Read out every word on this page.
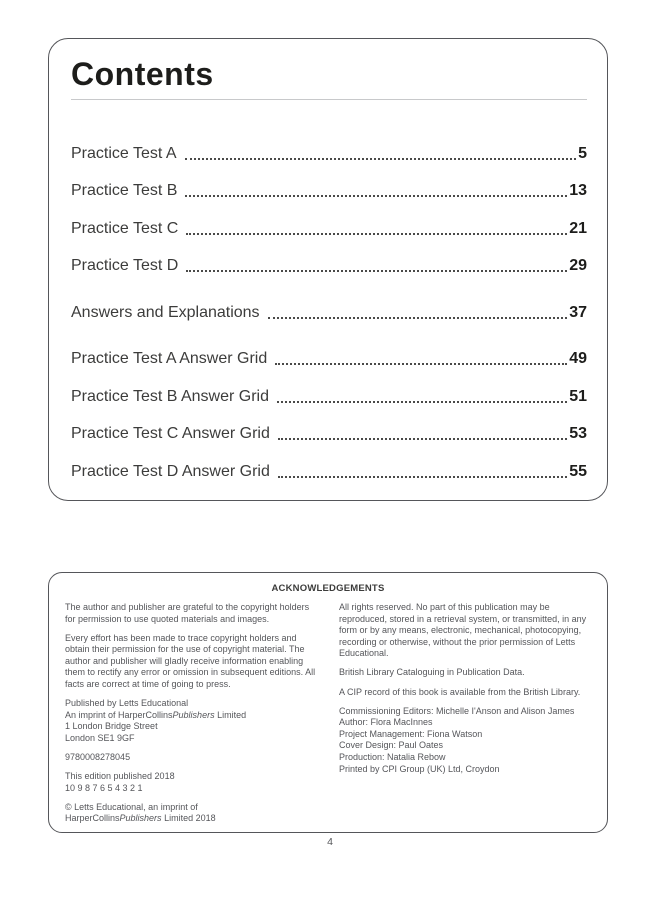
Contents
Practice Test A	5
Practice Test B	13
Practice Test C	21
Practice Test D	29
Answers and Explanations	37
Practice Test A Answer Grid	49
Practice Test B Answer Grid	51
Practice Test C Answer Grid	53
Practice Test D Answer Grid	55
ACKNOWLEDGEMENTS

The author and publisher are grateful to the copyright holders for permission to use quoted materials and images.

Every effort has been made to trace copyright holders and obtain their permission for the use of copyright material. The author and publisher will gladly receive information enabling them to rectify any error or omission in subsequent editions. All facts are correct at time of going to press.

Published by Letts Educational
An imprint of HarperCollinsPublishers Limited
1 London Bridge Street
London SE1 9GF

9780008278045

This edition published 2018
10 9 8 7 6 5 4 3 2 1

© Letts Educational, an imprint of
HarperCollinsPublishers Limited 2018

All rights reserved. No part of this publication may be reproduced, stored in a retrieval system, or transmitted, in any form or by any means, electronic, mechanical, photocopying, recording or otherwise, without the prior permission of Letts Educational.

British Library Cataloguing in Publication Data.

A CIP record of this book is available from the British Library.

Commissioning Editors: Michelle I'Anson and Alison James
Author: Flora MacInnes
Project Management: Fiona Watson
Cover Design: Paul Oates
Production: Natalia Rebow
Printed by CPI Group (UK) Ltd, Croydon

4
